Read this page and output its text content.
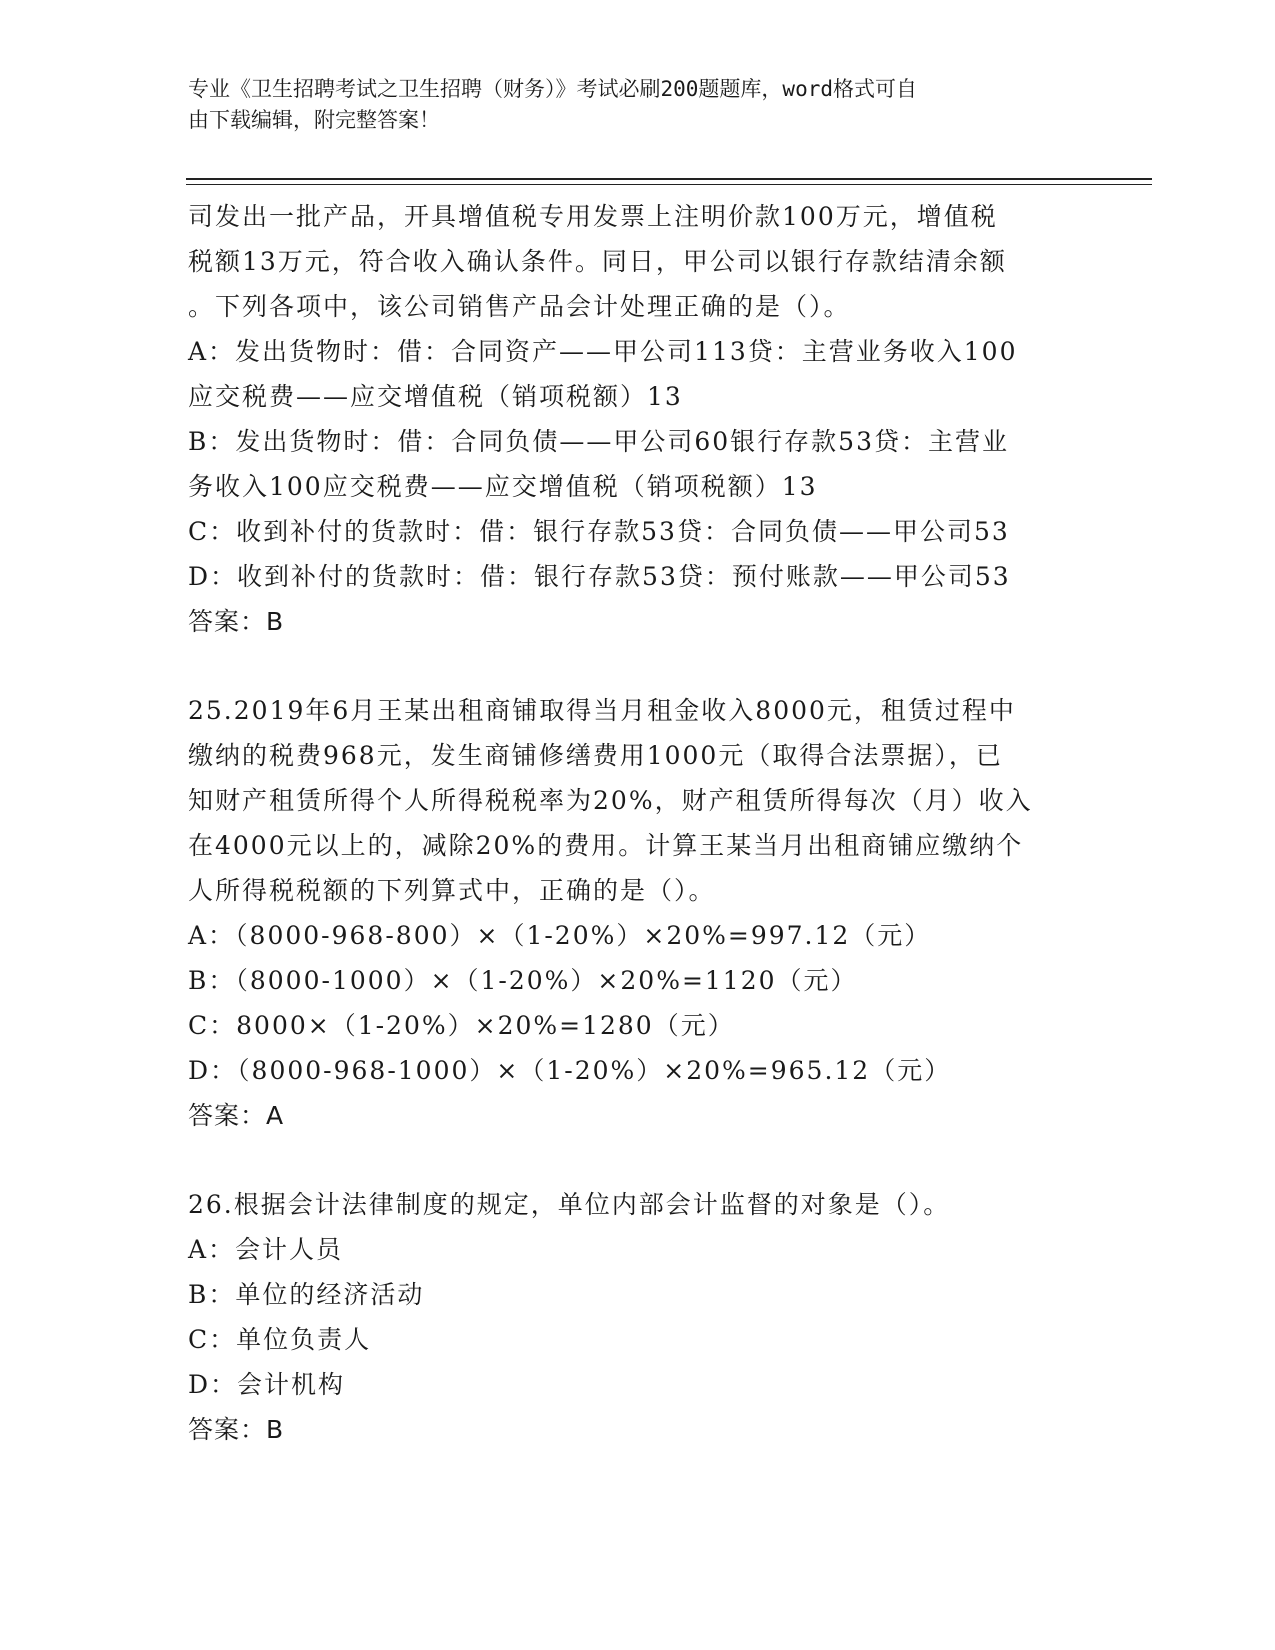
专业《卫生招聘考试之卫生招聘（财务）》考试必刷200题题库，word格式可自
由下载编辑，附完整答案！
司发出一批产品，开具增值税专用发票上注明价款100万元，增值税
税额13万元，符合收入确认条件。同日，甲公司以银行存款结清余额
。下列各项中，该公司销售产品会计处理正确的是（）。
A：发出货物时：借：合同资产——甲公司113贷：主营业务收入100
应交税费——应交增值税（销项税额）13
B：发出货物时：借：合同负债——甲公司60银行存款53贷：主营业
务收入100应交税费——应交增值税（销项税额）13
C：收到补付的货款时：借：银行存款53贷：合同负债——甲公司53
D：收到补付的货款时：借：银行存款53贷：预付账款——甲公司53
答案：B
25.2019年6月王某出租商铺取得当月租金收入8000元，租赁过程中
缴纳的税费968元，发生商铺修缮费用1000元（取得合法票据），已
知财产租赁所得个人所得税税率为20%，财产租赁所得每次（月）收入
在4000元以上的，减除20%的费用。计算王某当月出租商铺应缴纳个
人所得税税额的下列算式中，正确的是（）。
A：（8000-968-800）×（1-20%）×20%=997.12（元）
B：（8000-1000）×（1-20%）×20%=1120（元）
C：8000×（1-20%）×20%=1280（元）
D：（8000-968-1000）×（1-20%）×20%=965.12（元）
答案：A
26.根据会计法律制度的规定，单位内部会计监督的对象是（）。
A：会计人员
B：单位的经济活动
C：单位负责人
D：会计机构
答案：B
